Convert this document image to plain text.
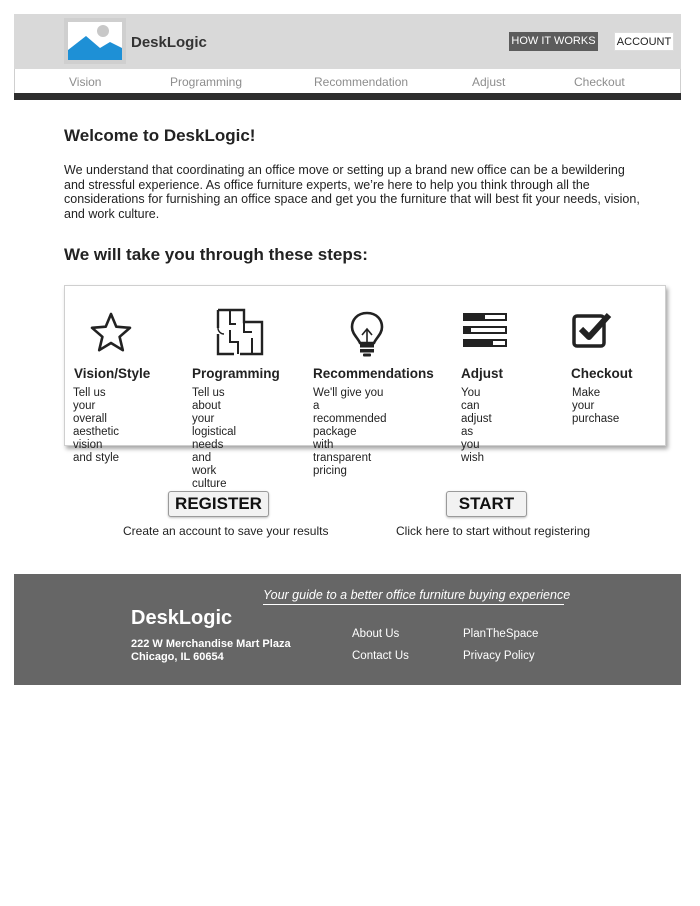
DeskLogic	HOW IT WORKS ACCOUNT
Vision	Programming	Recommendation	Adjust	Checkout
Welcome to DeskLogic!

We understand that coordinating an office move or setting up a brand new office can be a bewildering and stressful experience. As office furniture experts, we’re here to help you think through all the considerations for furnishing an office space and get you the furniture that will best fit your needs, vision, and work culture.

We will take you through these steps:
Vision/Style
Tell us your
overall aesthetic
vision and style
Programming
Tell us about your
logistical needs
and work culture
Recommendations
We'll give you a
recommended package
with transparent pricing
Adjust
You can adjust
as you wish
Checkout
Make your
purchase
REGISTER
Create an account to save your results
START
Click here to start without registering
Your guide to a better office furniture buying experience
DeskLogic
222 W Merchandise Mart Plaza
Chicago, IL 60654
About Us
Contact Us
PlanTheSpace
Privacy Policy
